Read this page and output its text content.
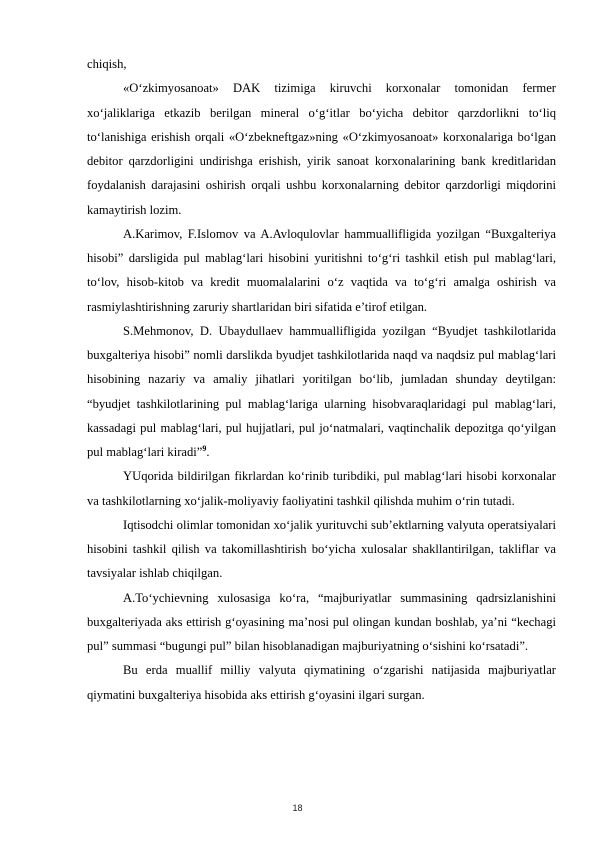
chiqish,

«O‘zkimyosanoat» DAK tizimiga kiruvchi korxonalar tomonidan fermer xo‘jaliklariga etkazib berilgan mineral o‘g‘itlar bo‘yicha debitor qarzdorlikni to‘liq to‘lanishiga erishish orqali «O‘zbekneftgaz»ning «O‘zkimyosanoat» korxonalariga bo‘lgan debitor qarzdorligini undirishga erishish, yirik sanoat korxonalarining bank kreditlaridan foydalanish darajasini oshirish orqali ushbu korxonalarning debitor qarzdorligi miqdorini kamaytirish lozim.

A.Karimov, F.Islomov va A.Avloqulovlar hammuallifligida yozilgan “Buxgalteriya hisobi” darsligida pul mablag‘lari hisobini yuritishni to‘g‘ri tashkil etish pul mablag‘lari, to‘lov, hisob-kitob va kredit muomalalarini o‘z vaqtida va to‘g‘ri amalga oshirish va rasmiylashtirishning zaruriy shartlaridan biri sifatida e’tirof etilgan.

S.Mehmonov, D. Ubaydullaev hammuallifligida yozilgan “Byudjet tashkilotlarida buxgalteriya hisobi” nomli darslikda byudjet tashkilotlarida naqd va naqdsiz pul mablag‘lari hisobining nazariy va amaliy jihatlari yoritilgan bo‘lib, jumladan shunday deytilgan: “byudjet tashkilotlarining pul mablag‘lariga ularning hisobvaraqlaridagi pul mablag‘lari, kassadagi pul mablag‘lari, pul hujjatlari, pul jo‘natmalari, vaqtinchalik depozitga qo‘yilgan pul mablag‘lari kiradi”$^9$.

YUqorida bildirilgan fikrlardan ko‘rinib turibdiki, pul mablag‘lari hisobi korxonalar va tashkilotlarning xo‘jalik-moliyaviy faoliyatini tashkil qilishda muhim o‘rin tutadi.

Iqtisodchi olimlar tomonidan xo‘jalik yurituvchi sub’ektlarning valyuta operatsiyalari hisobini tashkil qilish va takomillashtirish bo‘yicha xulosalar shakllantirilgan, takliflar va tavsiyalar ishlab chiqilgan.

A.To‘ychievning xulosasiga ko‘ra, “majburiyatlar summasining qadrsizlanishini buxgalteriyada aks ettirish g‘oyasining ma’nosi pul olingan kundan boshlab, ya’ni “kechagi pul” summasi “bugungi pul” bilan hisoblanadigan majburiyatning o‘sishini ko‘rsatadi”.

Bu erda muallif milliy valyuta qiymatining o‘zgarishi natijasida majburiyatlar qiymatini buxgalteriya hisobida aks ettirish g‘oyasini ilgari surgan.

18
